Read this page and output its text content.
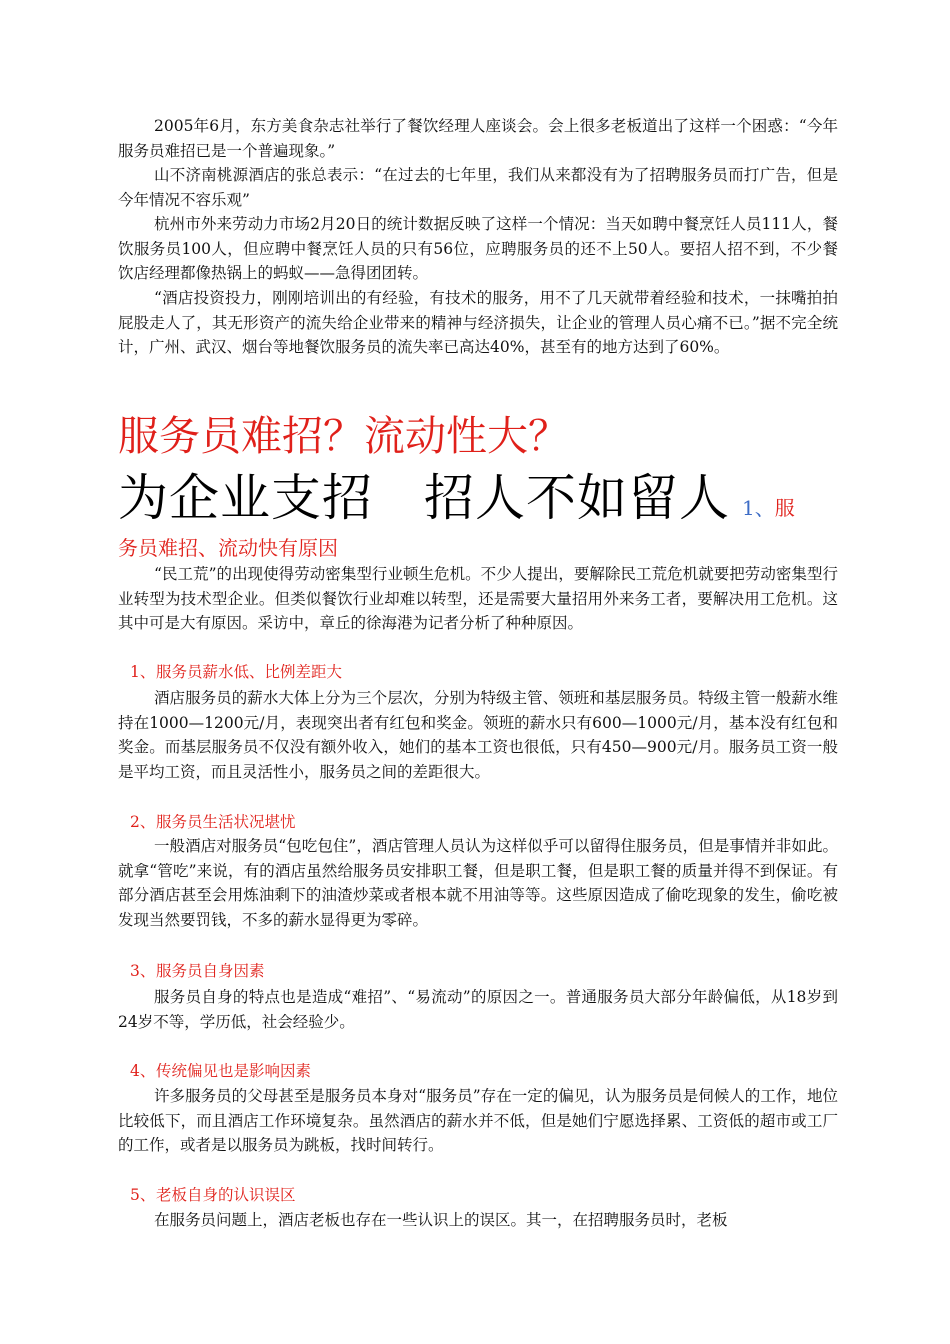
2005年6月，东方美食杂志社举行了餐饮经理人座谈会。会上很多老板道出了这样一个困惑：“今年服务员难招已是一个普遍现象。”

山不济南桃源酒店的张总表示：“在过去的七年里，我们从来都没有为了招聘服务员而打广告，但是今年情况不容乐观”

杭州市外来劳动力市场2月20日的统计数据反映了这样一个情况：当天如聘中餐烹饪人员111人，餐饮服务员100人，但应聘中餐烹饪人员的只有56位，应聘服务员的还不上50人。要招人招不到，不少餐饮店经理都像热锅上的蚂蚁——急得团团转。

“酒店投资投力，刚刚培训出的有经验，有技术的服务，用不了几天就带着经验和技术，一抹嘴拍拍屁股走人了，其无形资产的流失给企业带来的精神与经济损失，让企业的管理人员心痛不已。”据不完全统计，广州、武汉、烟台等地餐饮服务员的流失率已高达40%，甚至有的地方达到了60%。

服务员难招？流动性大？
为企业支招　招人不如留人 1、服
务员难招、流动快有原因

“民工荒”的出现使得劳动密集型行业顿生危机。不少人提出，要解除民工荒危机就要把劳动密集型行业转型为技术型企业。但类似餐饮行业却难以转型，还是需要大量招用外来务工者，要解决用工危机。这其中可是大有原因。采访中，章丘的徐海港为记者分析了种种原因。

1、服务员薪水低、比例差距大

酒店服务员的薪水大体上分为三个层次，分别为特级主管、领班和基层服务员。特级主管一般薪水维持在1000—1200元/月，表现突出者有红包和奖金。领班的薪水只有600—1000元/月，基本没有红包和奖金。而基层服务员不仅没有额外收入，她们的基本工资也很低，只有450—900元/月。服务员工资一般是平均工资，而且灵活性小，服务员之间的差距很大。

2、服务员生活状况堪忧

一般酒店对服务员“包吃包住”，酒店管理人员认为这样似乎可以留得住服务员，但是事情并非如此。就拿“管吃”来说，有的酒店虽然给服务员安排职工餐，但是职工餐，但是职工餐的质量并得不到保证。有部分酒店甚至会用炼油剩下的油渣炒菜或者根本就不用油等等。这些原因造成了偷吃现象的发生，偷吃被发现当然要罚钱，不多的薪水显得更为零碎。

3、服务员自身因素

服务员自身的特点也是造成“难招”、“易流动”的原因之一。普通服务员大部分年龄偏低，从18岁到24岁不等，学历低，社会经验少。

4、传统偏见也是影响因素

许多服务员的父母甚至是服务员本身对“服务员”存在一定的偏见，认为服务员是伺候人的工作，地位比较低下，而且酒店工作环境复杂。虽然酒店的薪水并不低，但是她们宁愿选择累、工资低的超市或工厂的工作，或者是以服务员为跳板，找时间转行。

5、老板自身的认识误区

在服务员问题上，酒店老板也存在一些认识上的误区。其一，在招聘服务员时，老板
